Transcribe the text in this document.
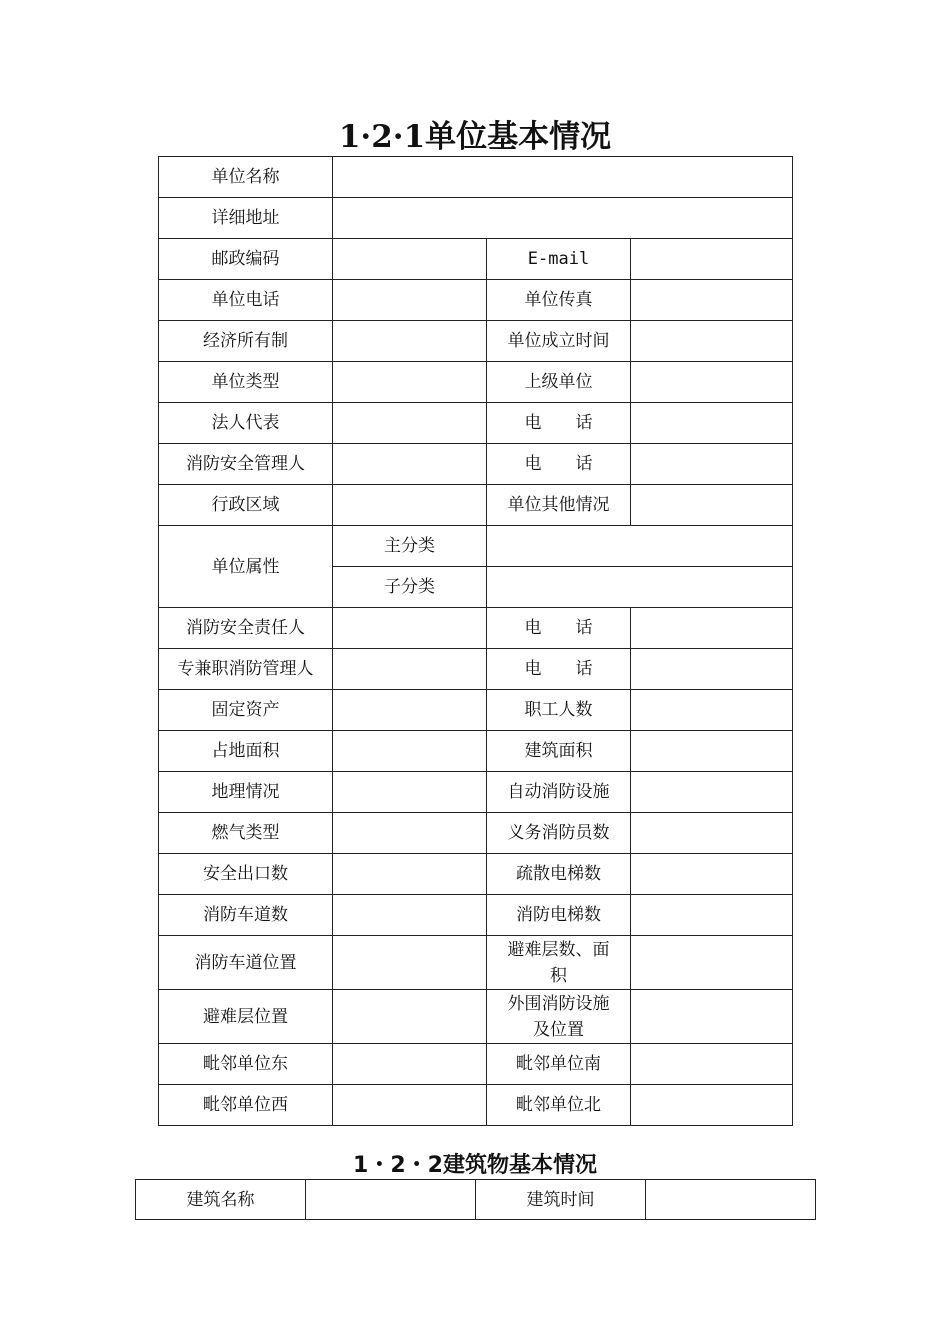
1·2·1单位基本情况
单位名称			
详细地址			
邮政编码		E-mail	
单位电话		单位传真	
经济所有制		单位成立时间	
单位类型		上级单位	
法人代表		电 话	
消防安全管理人		电 话	
行政区域		单位其他情况	
单位属性	主分类		
	子分类		
消防安全责任人		电 话	
专兼职消防管理人		电 话	
固定资产		职工人数	
占地面积		建筑面积	
地理情况		自动消防设施	
燃气类型		义务消防员数	
安全出口数		疏散电梯数	
消防车道数		消防电梯数	
消防车道位置		避难层数、面
积	
避难层位置		外围消防设施
及位置	
毗邻单位东		毗邻单位南	
毗邻单位西		毗邻单位北	
1・2・2建筑物基本情况
建筑名称		建筑时间	
